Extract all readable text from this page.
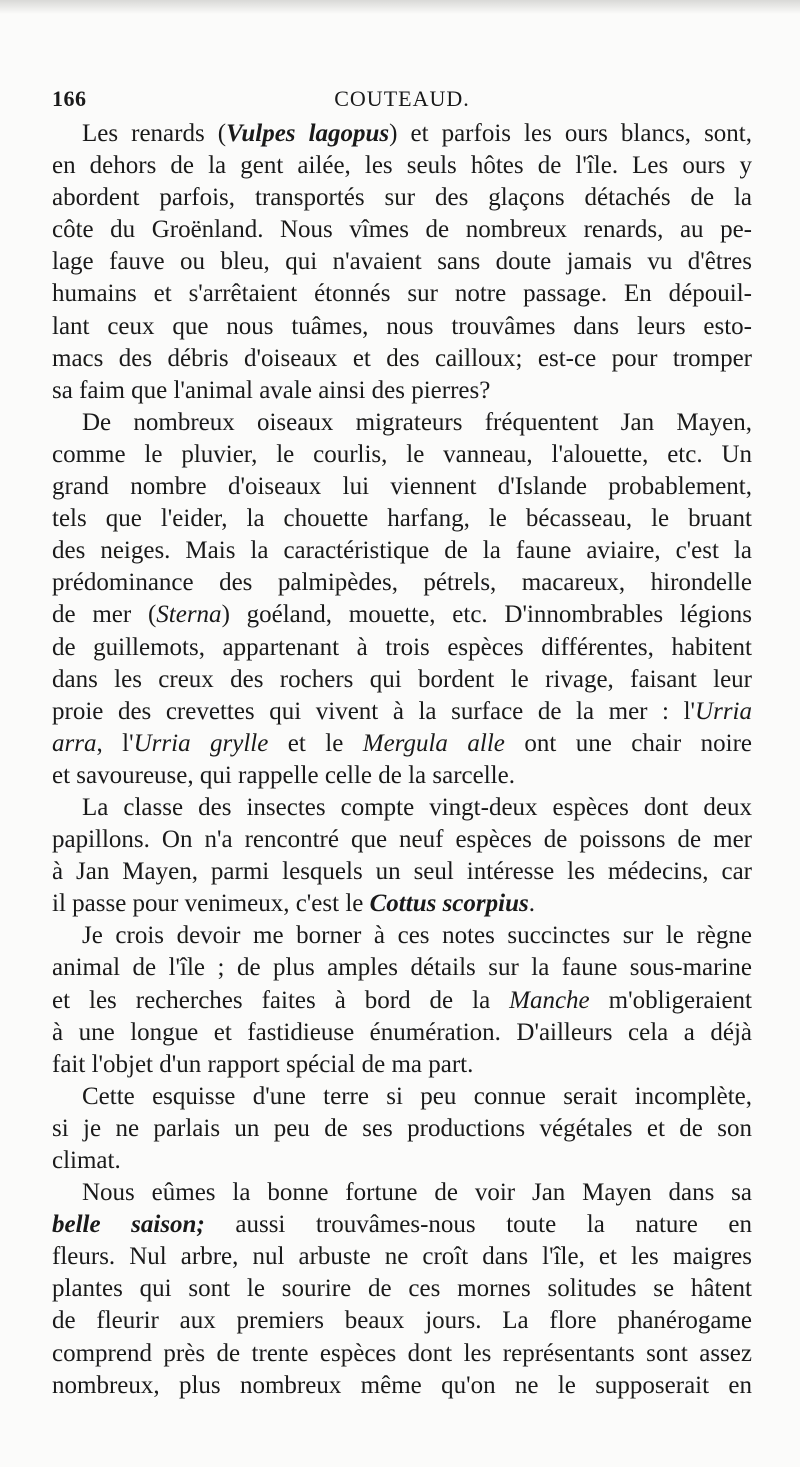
166	COUTEAUD.
Les renards (Vulpes lagopus) et parfois les ours blancs, sont,
en dehors de la gent ailée, les seuls hôtes de l'île. Les ours y
abordent parfois, transportés sur des glaçons détachés de la
côte du Groënland. Nous vîmes de nombreux renards, au pe-
lage fauve ou bleu, qui n'avaient sans doute jamais vu d'êtres
humains et s'arrêtaient étonnés sur notre passage. En dépouil-
lant ceux que nous tuâmes, nous trouvâmes dans leurs esto-
macs des débris d'oiseaux et des cailloux; est-ce pour tromper
sa faim que l'animal avale ainsi des pierres?
De nombreux oiseaux migrateurs fréquentent Jan Mayen,
comme le pluvier, le courlis, le vanneau, l'alouette, etc. Un
grand nombre d'oiseaux lui viennent d'Islande probablement,
tels que l'eider, la chouette harfang, le bécasseau, le bruant
des neiges. Mais la caractéristique de la faune aviaire, c'est la
prédominance des palmipèdes, pétrels, macareux, hirondelle
de mer (Sterna) goéland, mouette, etc. D'innombrables légions
de guillemots, appartenant à trois espèces différentes, habitent
dans les creux des rochers qui bordent le rivage, faisant leur
proie des crevettes qui vivent à la surface de la mer : l'Urria
arra, l'Urria grylle et le Mergula alle ont une chair noire
et savoureuse, qui rappelle celle de la sarcelle.
La classe des insectes compte vingt-deux espèces dont deux
papillons. On n'a rencontré que neuf espèces de poissons de mer
à Jan Mayen, parmi lesquels un seul intéresse les médecins, car
il passe pour venimeux, c'est le Cottus scorpius.
Je crois devoir me borner à ces notes succinctes sur le règne
animal de l'île ; de plus amples détails sur la faune sous-marine
et les recherches faites à bord de la Manche m'obligeraient
à une longue et fastidieuse énumération. D'ailleurs cela a déjà
fait l'objet d'un rapport spécial de ma part.
Cette esquisse d'une terre si peu connue serait incomplète,
si je ne parlais un peu de ses productions végétales et de son
climat.
Nous eûmes la bonne fortune de voir Jan Mayen dans sa
belle saison; aussi trouvâmes-nous toute la nature en
fleurs. Nul arbre, nul arbuste ne croît dans l'île, et les maigres
plantes qui sont le sourire de ces mornes solitudes se hâtent
de fleurir aux premiers beaux jours. La flore phanérogame
comprend près de trente espèces dont les représentants sont assez
nombreux, plus nombreux même qu'on ne le supposerait en
